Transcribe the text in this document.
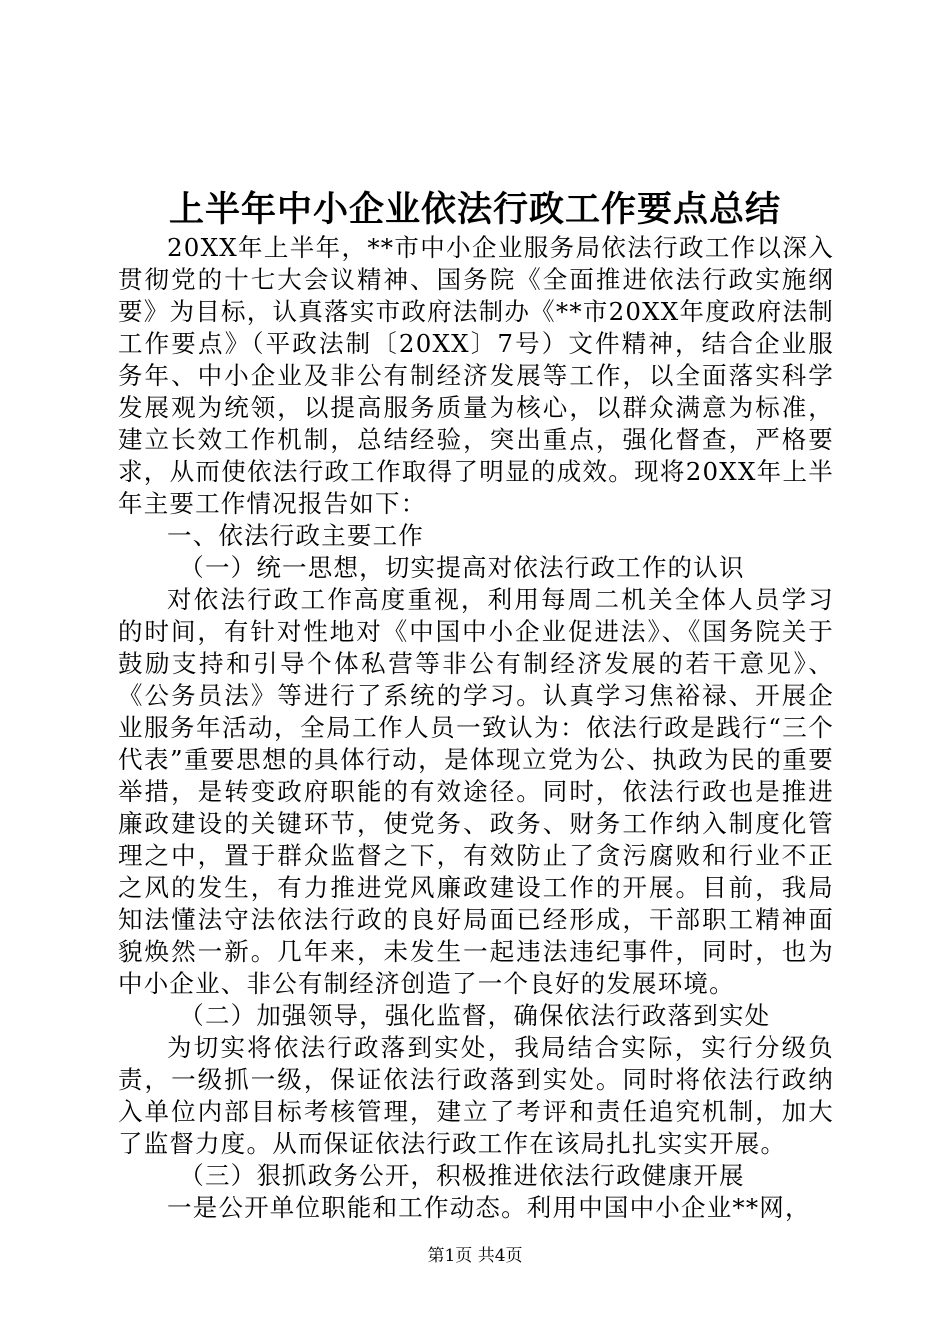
上半年中小企业依法行政工作要点总结

20XX年上半年，**市中小企业服务局依法行政工作以深入贯彻党的十七大会议精神、国务院《全面推进依法行政实施纲要》为目标，认真落实市政府法制办《**市20XX年度政府法制工作要点》（平政法制〔20XX〕7号）文件精神，结合企业服务年、中小企业及非公有制经济发展等工作，以全面落实科学发展观为统领，以提高服务质量为核心，以群众满意为标准，建立长效工作机制，总结经验，突出重点，强化督查，严格要求，从而使依法行政工作取得了明显的成效。现将20XX年上半年主要工作情况报告如下：

一、依法行政主要工作

（一）统一思想，切实提高对依法行政工作的认识

对依法行政工作高度重视，利用每周二机关全体人员学习的时间，有针对性地对《中国中小企业促进法》、《国务院关于鼓励支持和引导个体私营等非公有制经济发展的若干意见》、《公务员法》等进行了系统的学习。认真学习焦裕禄、开展企业服务年活动，全局工作人员一致认为：依法行政是践行“三个代表”重要思想的具体行动，是体现立党为公、执政为民的重要举措，是转变政府职能的有效途径。同时，依法行政也是推进廉政建设的关键环节，使党务、政务、财务工作纳入制度化管理之中，置于群众监督之下，有效防止了贪污腐败和行业不正之风的发生，有力推进党风廉政建设工作的开展。目前，我局知法懂法守法依法行政的良好局面已经形成，干部职工精神面貌焕然一新。几年来，未发生一起违法违纪事件，同时，也为中小企业、非公有制经济创造了一个良好的发展环境。

（二）加强领导，强化监督，确保依法行政落到实处

为切实将依法行政落到实处，我局结合实际，实行分级负责，一级抓一级，保证依法行政落到实处。同时将依法行政纳入单位内部目标考核管理，建立了考评和责任追究机制，加大了监督力度。从而保证依法行政工作在该局扎扎实实开展。

（三）狠抓政务公开，积极推进依法行政健康开展

一是公开单位职能和工作动态。利用中国中小企业**网，

第1页 共4页
